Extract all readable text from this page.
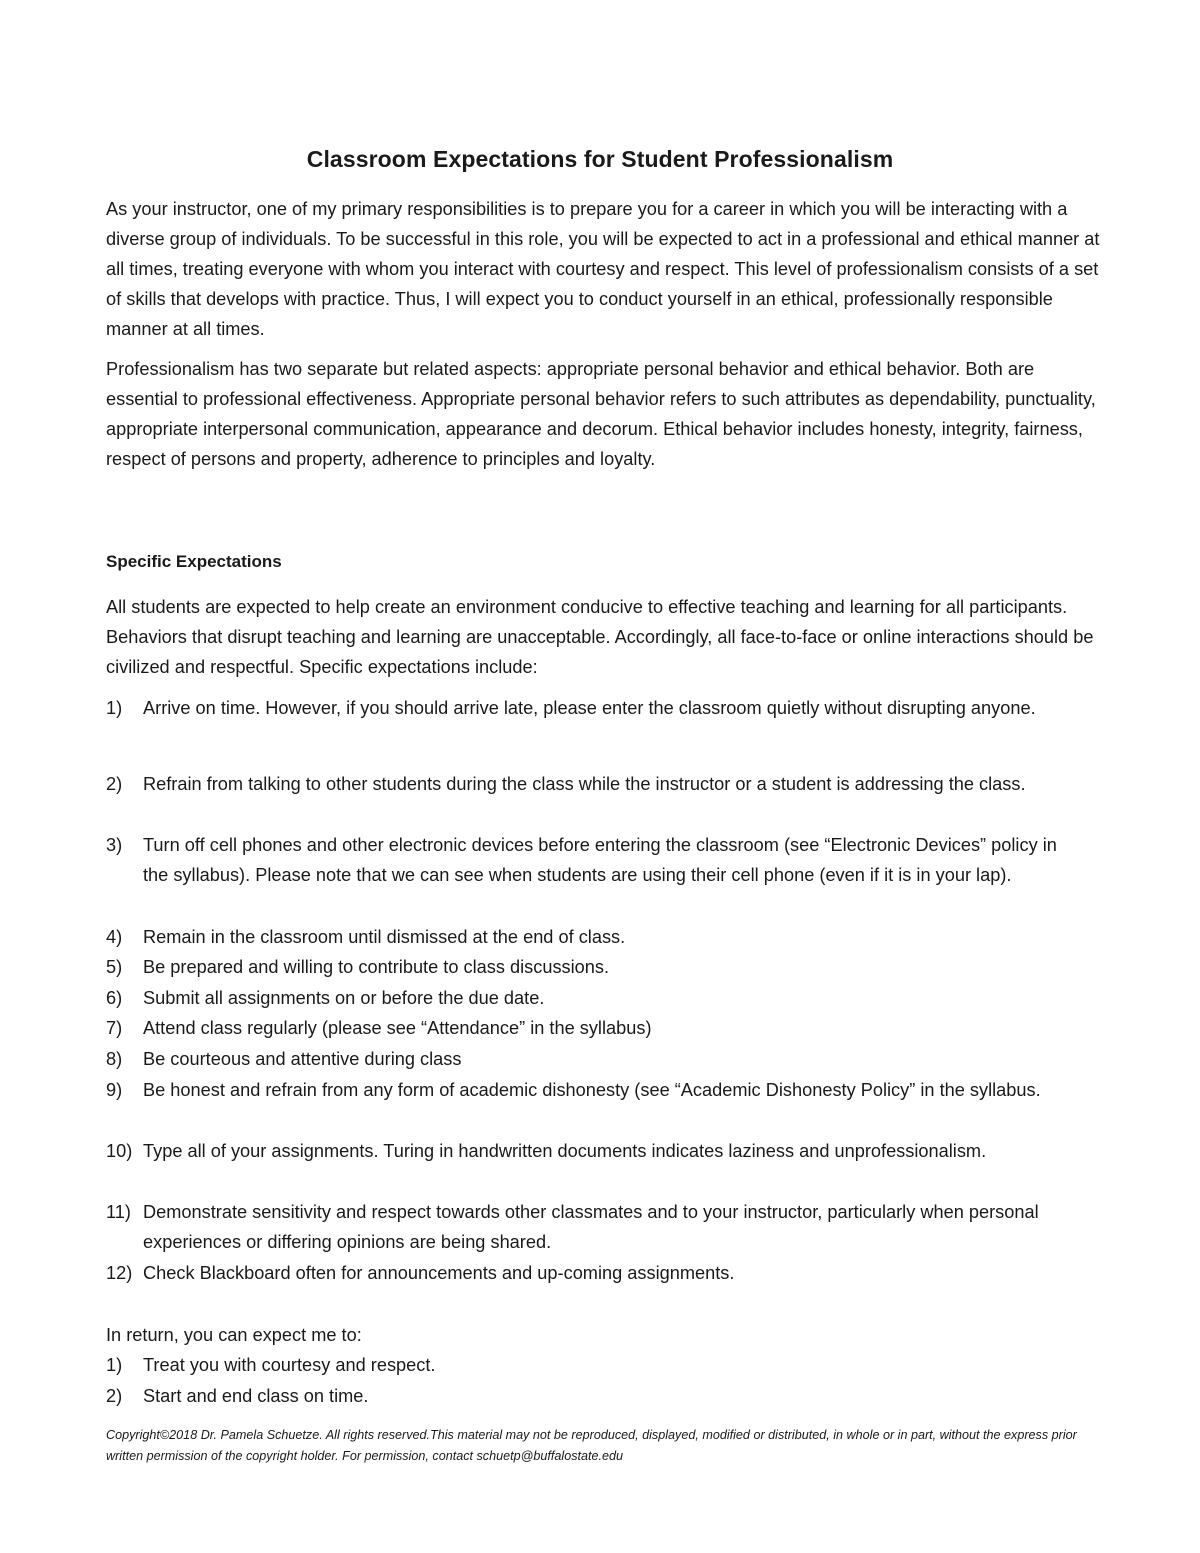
Classroom Expectations for Student Professionalism
As your instructor, one of my primary responsibilities is to prepare you for a career in which you will be interacting with a diverse group of individuals. To be successful in this role, you will be expected to act in a professional and ethical manner at all times, treating everyone with whom you interact with courtesy and respect. This level of professionalism consists of a set of skills that develops with practice. Thus, I will expect you to conduct yourself in an ethical, professionally responsible manner at all times.
Professionalism has two separate but related aspects: appropriate personal behavior and ethical behavior. Both are essential to professional effectiveness. Appropriate personal behavior refers to such attributes as dependability, punctuality, appropriate interpersonal communication, appearance and decorum. Ethical behavior includes honesty, integrity, fairness, respect of persons and property, adherence to principles and loyalty.
Specific Expectations
All students are expected to help create an environment conducive to effective teaching and learning for all participants. Behaviors that disrupt teaching and learning are unacceptable. Accordingly, all face-to-face or online interactions should be civilized and respectful. Specific expectations include:
1)	Arrive on time. However, if you should arrive late, please enter the classroom quietly without disrupting anyone.
2)	Refrain from talking to other students during the class while the instructor or a student is addressing the class.
3)	Turn off cell phones and other electronic devices before entering the classroom (see “Electronic Devices” policy in the syllabus). Please note that we can see when students are using their cell phone (even if it is in your lap).
4)	Remain in the classroom until dismissed at the end of class.
5)	Be prepared and willing to contribute to class discussions.
6)	Submit all assignments on or before the due date.
7)	Attend class regularly (please see “Attendance” in the syllabus)
8)	Be courteous and attentive during class
9)	Be honest and refrain from any form of academic dishonesty (see “Academic Dishonesty Policy” in the syllabus.
10) Type all of your assignments. Turing in handwritten documents indicates laziness and unprofessionalism.
11) Demonstrate sensitivity and respect towards other classmates and to your instructor, particularly when personal experiences or differing opinions are being shared.
12) Check Blackboard often for announcements and up-coming assignments.
In return, you can expect me to:
1)	Treat you with courtesy and respect.
2)	Start and end class on time.
Copyright©2018 Dr. Pamela Schuetze. All rights reserved.This material may not be reproduced, displayed, modified or distributed, in whole or in part, without the express prior written permission of the copyright holder. For permission, contact schuetp@buffalostate.edu
